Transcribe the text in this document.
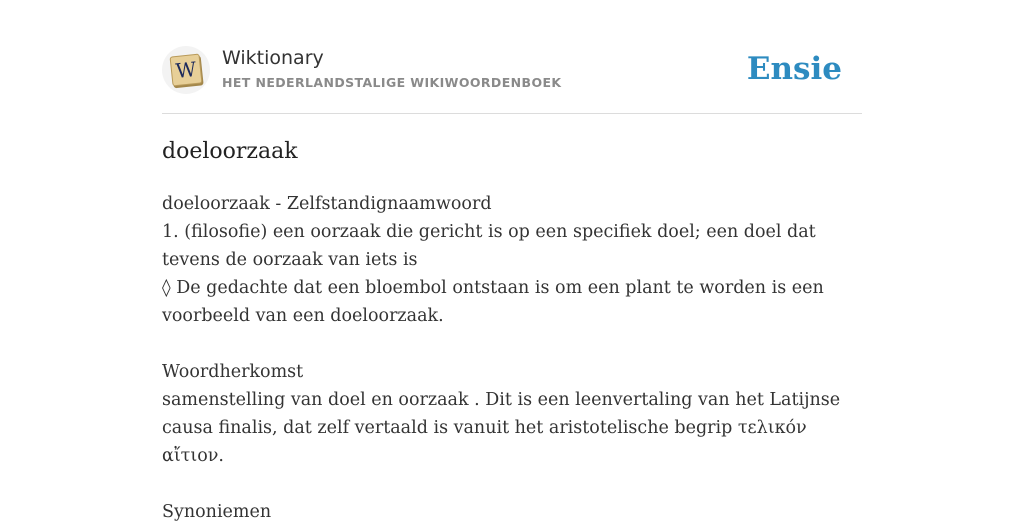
W Wiktionary
HET NEDERLANDSTALIGE WIKIWOORDENBOEK	Ensie
doeloorzaak

doeloorzaak - Zelfstandignaamwoord

1. (filosofie) een oorzaak die gericht is op een specifiek doel; een doel dat tevens de oorzaak van iets is

◊ De gedachte dat een bloembol ontstaan is om een plant te worden is een voorbeeld van een doeloorzaak.

Woordherkomst

samenstelling van doel en oorzaak . Dit is een leenvertaling van het Latijnse causa finalis, dat zelf vertaald is vanuit het aristotelische begrip τελικόν αἴτιον.

Synoniemen
